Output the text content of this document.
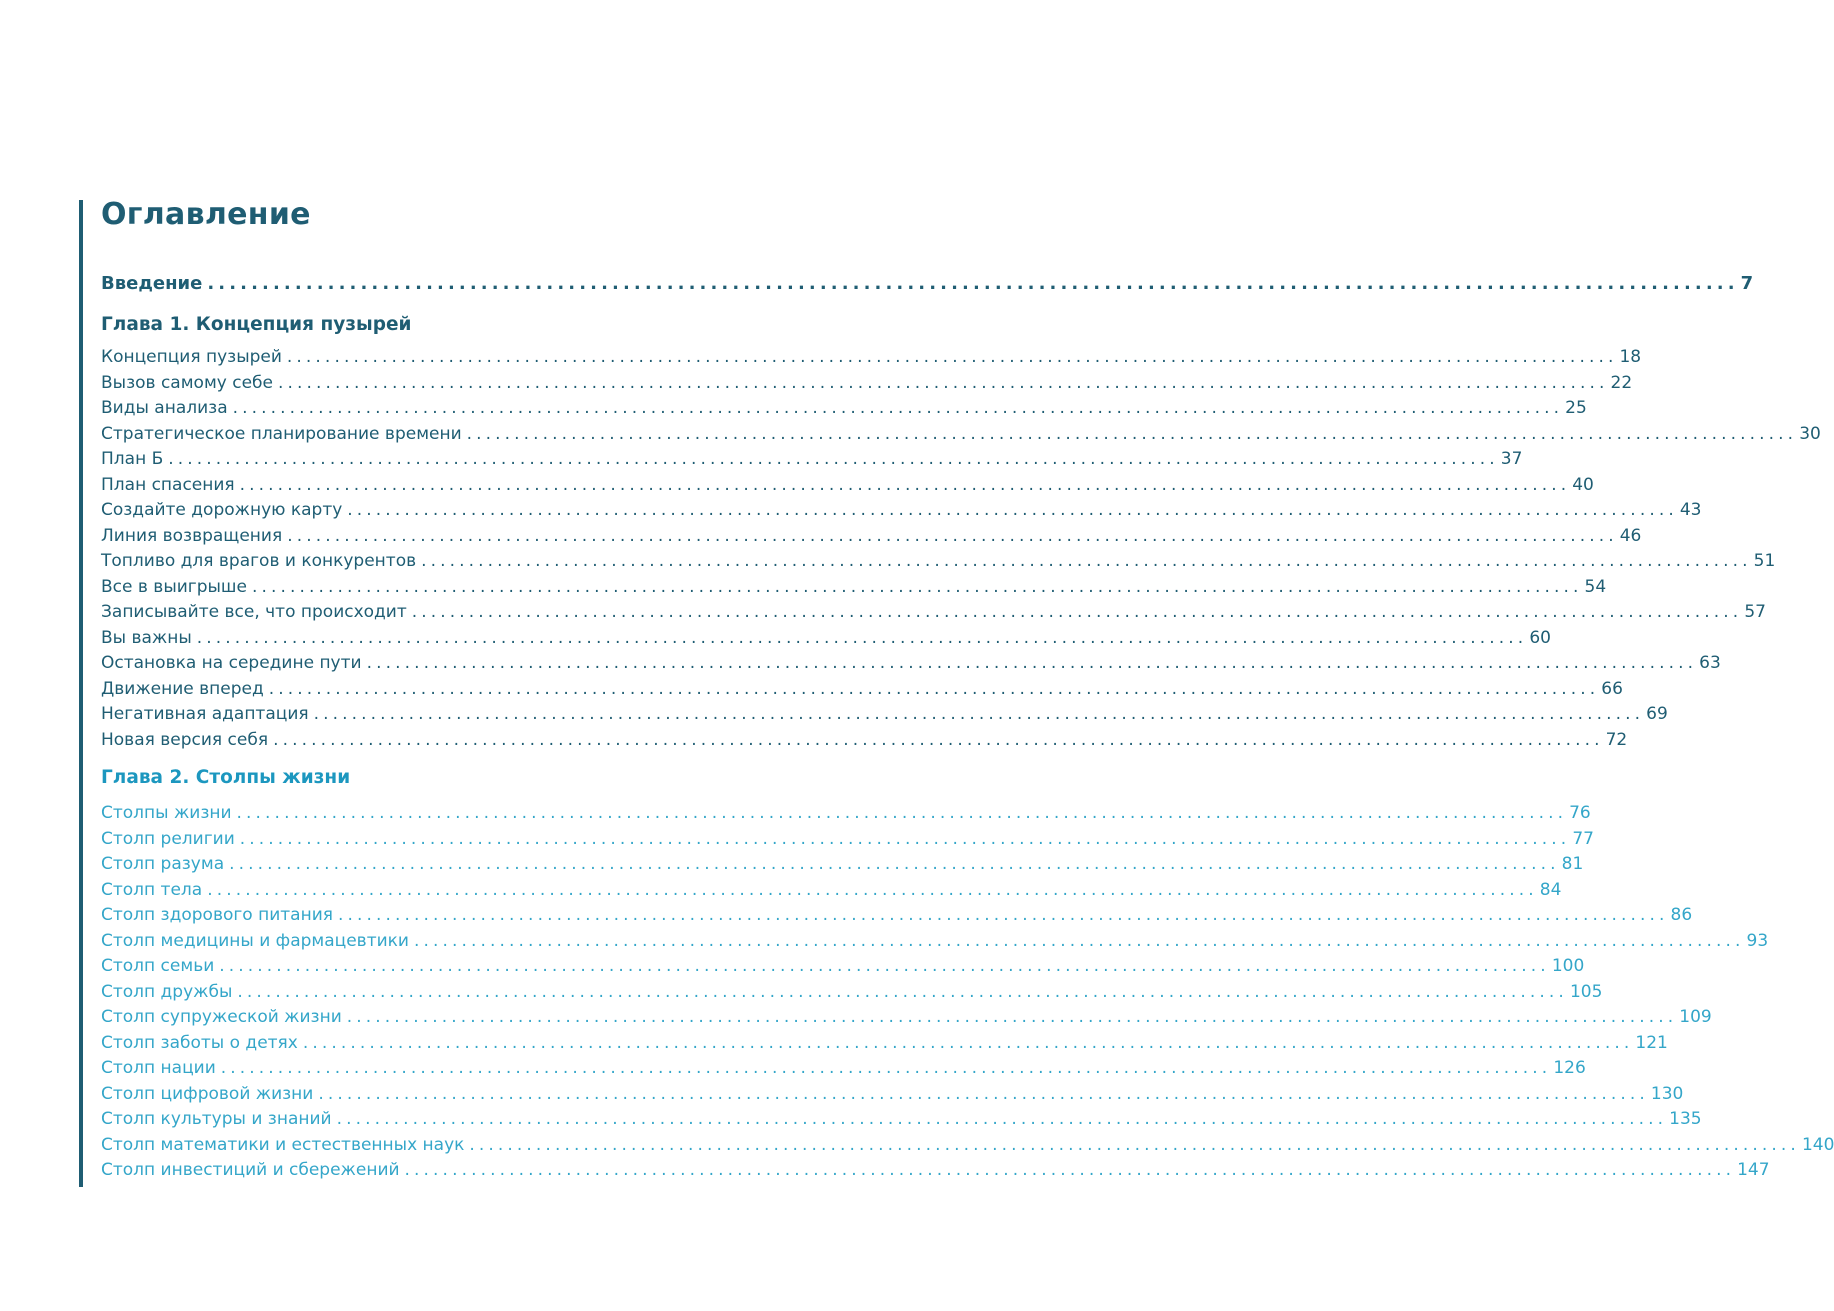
Оглавление
Введение ............................................................................................................................................ 7
Глава 1. Концепция пузырей
Концепция пузырей ............................................................................................................................................ 18
Вызов самому себе ............................................................................................................................................ 22
Виды анализа ............................................................................................................................................ 25
Стратегическое планирование времени ............................................................................................................................................ 30
План Б ............................................................................................................................................ 37
План спасения ............................................................................................................................................ 40
Создайте дорожную карту ............................................................................................................................................ 43
Линия возвращения ............................................................................................................................................ 46
Топливо для врагов и конкурентов ............................................................................................................................................ 51
Все в выигрыше ............................................................................................................................................ 54
Записывайте все, что происходит ............................................................................................................................................ 57
Вы важны ............................................................................................................................................ 60
Остановка на середине пути ............................................................................................................................................ 63
Движение вперед ............................................................................................................................................ 66
Негативная адаптация ............................................................................................................................................ 69
Новая версия себя ............................................................................................................................................ 72
Глава 2. Столпы жизни
Столпы жизни ............................................................................................................................................ 76
Столп религии ............................................................................................................................................ 77
Столп разума ............................................................................................................................................ 81
Столп тела ............................................................................................................................................ 84
Столп здорового питания ............................................................................................................................................ 86
Столп медицины и фармацевтики ............................................................................................................................................ 93
Столп семьи ............................................................................................................................................ 100
Столп дружбы ............................................................................................................................................ 105
Столп супружеской жизни ............................................................................................................................................ 109
Столп заботы о детях ............................................................................................................................................ 121
Столп нации ............................................................................................................................................ 126
Столп цифровой жизни ............................................................................................................................................ 130
Столп культуры и знаний ............................................................................................................................................ 135
Столп математики и естественных наук ............................................................................................................................................ 140
Столп инвестиций и сбережений ............................................................................................................................................ 147
